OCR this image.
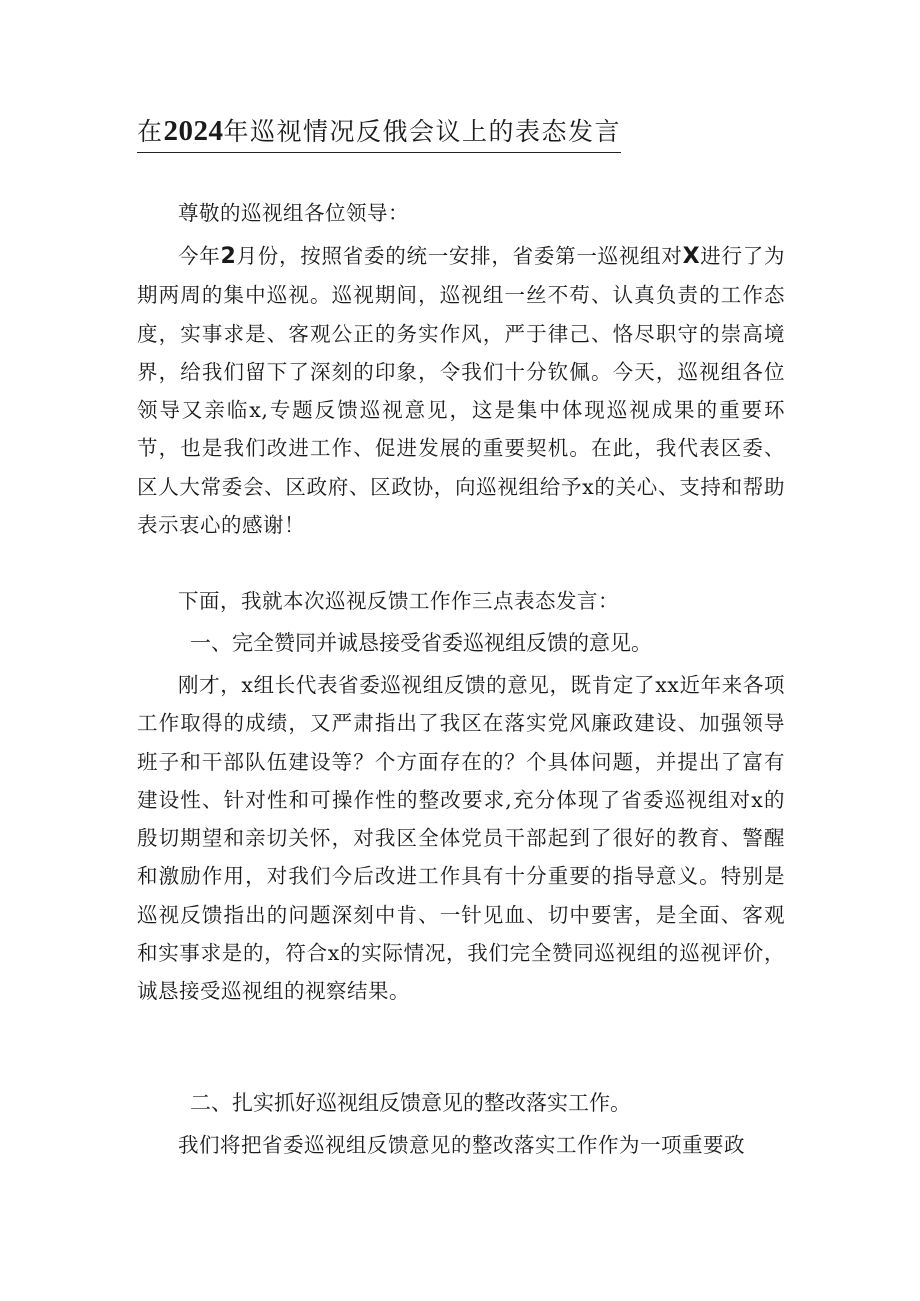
在2024年巡视情况反俄会议上的表态发言

尊敬的巡视组各位领导：

今年2月份，按照省委的统一安排，省委第一巡视组对X进行了为期两周的集中巡视。巡视期间，巡视组一丝不苟、认真负责的工作态度，实事求是、客观公正的务实作风，严于律己、恪尽职守的崇高境界，给我们留下了深刻的印象，令我们十分钦佩。今天，巡视组各位领导又亲临x,专题反馈巡视意见，这是集中体现巡视成果的重要环节，也是我们改进工作、促进发展的重要契机。在此，我代表区委、区人大常委会、区政府、区政协，向巡视组给予x的关心、支持和帮助表示衷心的感谢！

下面，我就本次巡视反馈工作作三点表态发言：

一、完全赞同并诚恳接受省委巡视组反馈的意见。

刚才，x组长代表省委巡视组反馈的意见，既肯定了xx近年来各项工作取得的成绩，又严肃指出了我区在落实党风廉政建设、加强领导班子和干部队伍建设等？个方面存在的？个具体问题，并提出了富有建设性、针对性和可操作性的整改要求,充分体现了省委巡视组对x的殷切期望和亲切关怀，对我区全体党员干部起到了很好的教育、警醒和激励作用，对我们今后改进工作具有十分重要的指导意义。特别是巡视反馈指出的问题深刻中肯、一针见血、切中要害，是全面、客观和实事求是的，符合x的实际情况，我们完全赞同巡视组的巡视评价，诚恳接受巡视组的视察结果。

二、扎实抓好巡视组反馈意见的整改落实工作。

我们将把省委巡视组反馈意见的整改落实工作作为一项重要政
